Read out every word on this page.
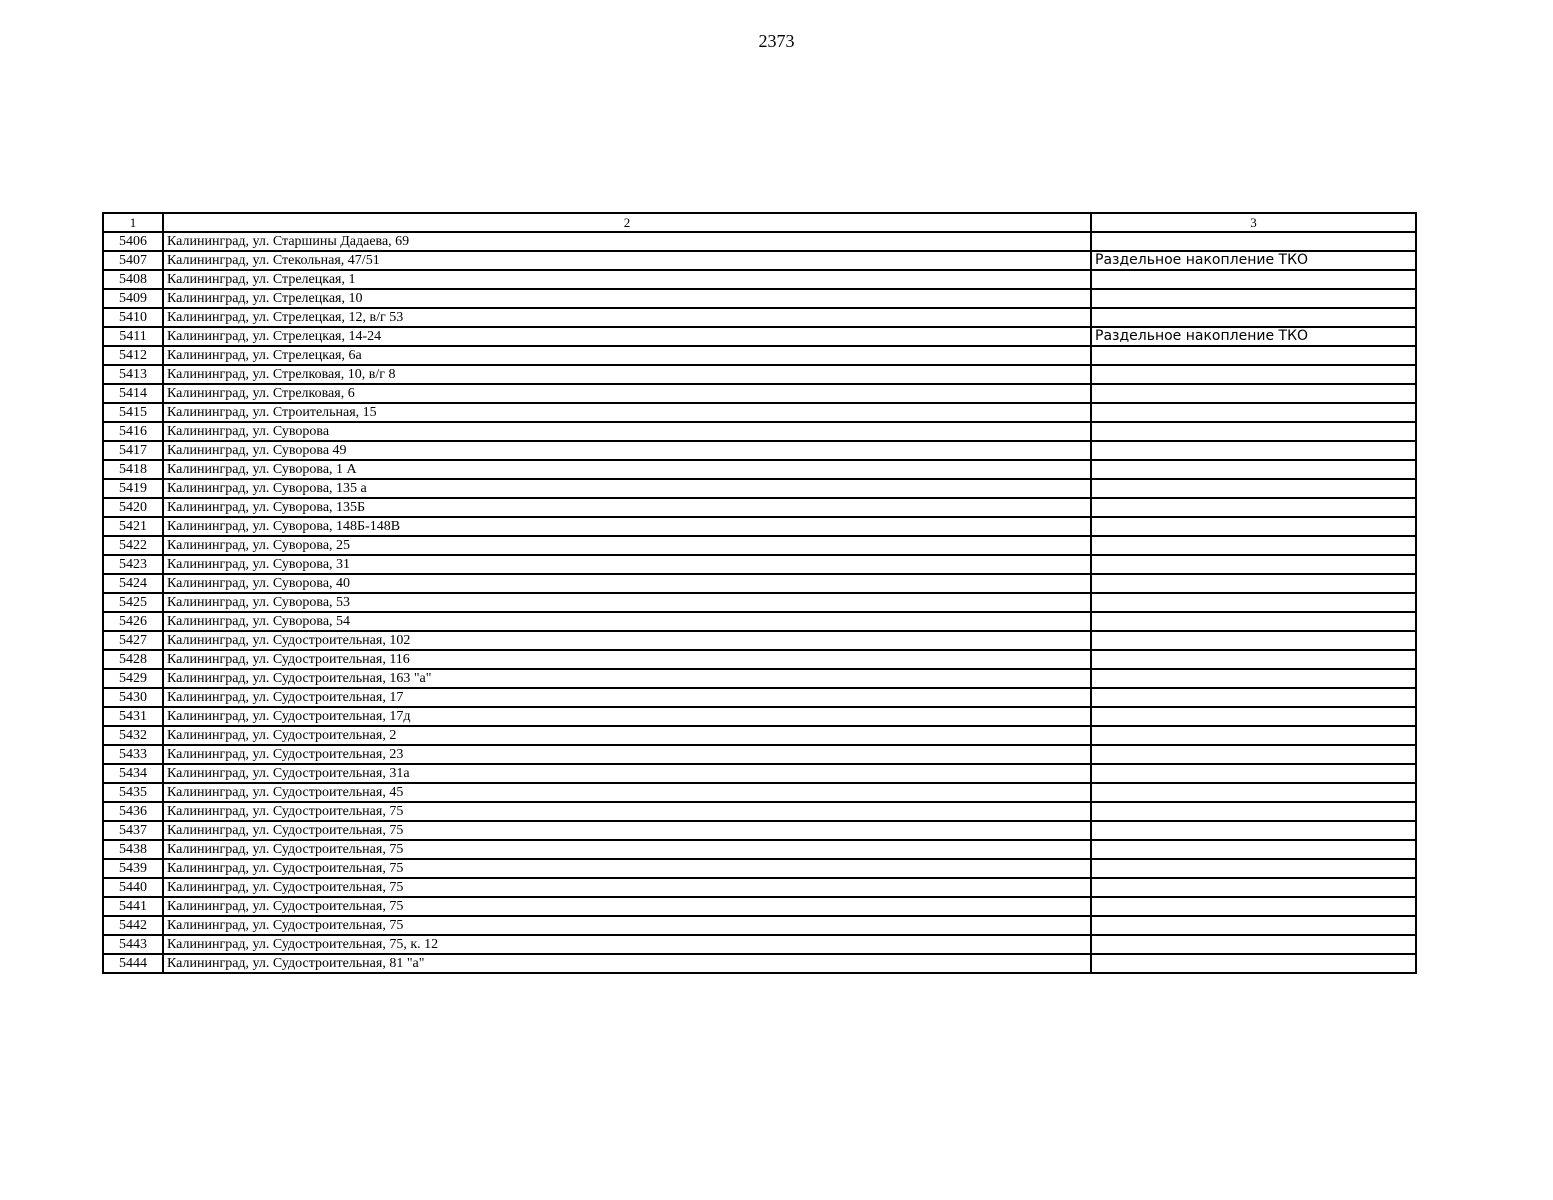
2373
1	2	3
5406	Калининград, ул. Старшины Дадаева, 69	
5407	Калининград, ул. Стекольная, 47/51	Раздельное накопление ТКО
5408	Калининград, ул. Стрелецкая, 1	
5409	Калининград, ул. Стрелецкая, 10	
5410	Калининград, ул. Стрелецкая, 12, в/г 53	
5411	Калининград, ул. Стрелецкая, 14-24	Раздельное накопление ТКО
5412	Калининград, ул. Стрелецкая, 6а	
5413	Калининград, ул. Стрелковая, 10, в/г 8	
5414	Калининград, ул. Стрелковая, 6	
5415	Калининград, ул. Строительная, 15	
5416	Калининград, ул. Суворова	
5417	Калининград, ул. Суворова 49	
5418	Калининград, ул. Суворова, 1 А	
5419	Калининград, ул. Суворова, 135 а	
5420	Калининград, ул. Суворова, 135Б	
5421	Калининград, ул. Суворова, 148Б-148В	
5422	Калининград, ул. Суворова, 25	
5423	Калининград, ул. Суворова, 31	
5424	Калининград, ул. Суворова, 40	
5425	Калининград, ул. Суворова, 53	
5426	Калининград, ул. Суворова, 54	
5427	Калининград, ул. Судостроительная, 102	
5428	Калининград, ул. Судостроительная, 116	
5429	Калининград, ул. Судостроительная, 163 "а"	
5430	Калининград, ул. Судостроительная, 17	
5431	Калининград, ул. Судостроительная, 17д	
5432	Калининград, ул. Судостроительная, 2	
5433	Калининград, ул. Судостроительная, 23	
5434	Калининград, ул. Судостроительная, 31а	
5435	Калининград, ул. Судостроительная, 45	
5436	Калининград, ул. Судостроительная, 75	
5437	Калининград, ул. Судостроительная, 75	
5438	Калининград, ул. Судостроительная, 75	
5439	Калининград, ул. Судостроительная, 75	
5440	Калининград, ул. Судостроительная, 75	
5441	Калининград, ул. Судостроительная, 75	
5442	Калининград, ул. Судостроительная, 75	
5443	Калининград, ул. Судостроительная, 75, к. 12	
5444	Калининград, ул. Судостроительная, 81 "а"	
